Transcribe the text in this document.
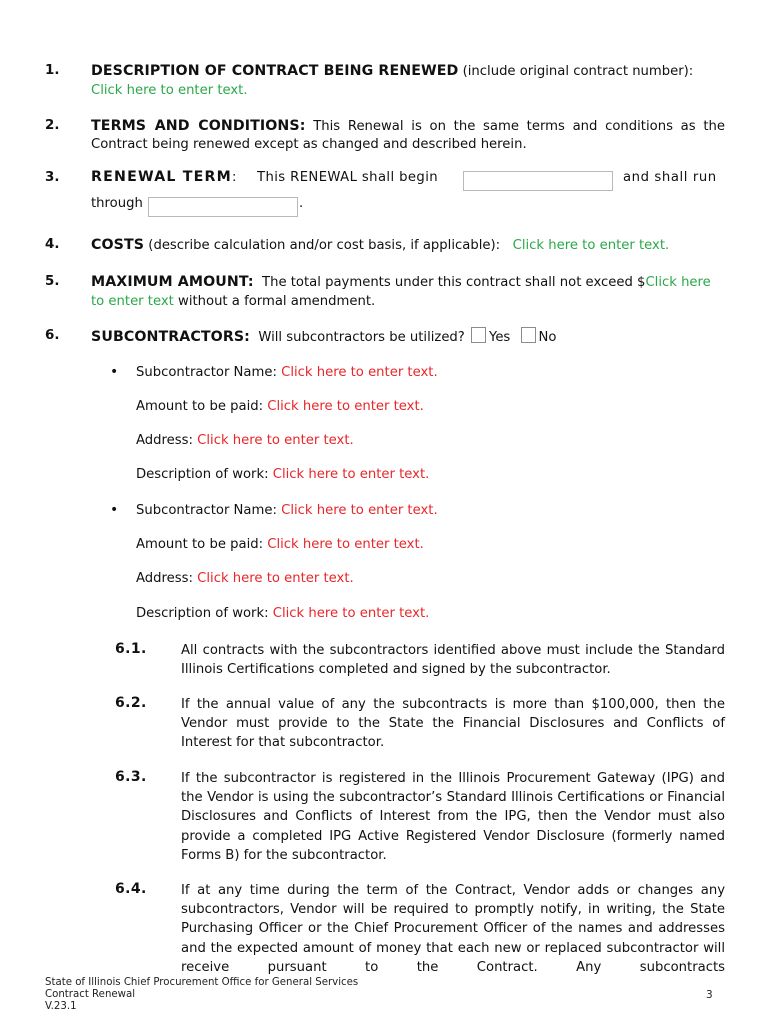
1. DESCRIPTION OF CONTRACT BEING RENEWED (include original contract number):
Click here to enter text.
2. TERMS AND CONDITIONS: This Renewal is on the same terms and conditions as the Contract being renewed except as changed and described herein.
3. RENEWAL TERM: This RENEWAL shall begin	and shall run
through	.
4. COSTS (describe calculation and/or cost basis, if applicable): Click here to enter text.
5. MAXIMUM AMOUNT: The total payments under this contract shall not exceed $Click here to enter text without a formal amendment.
6. SUBCONTRACTORS: Will subcontractors be utilized? Yes No
• Subcontractor Name: Click here to enter text.
Amount to be paid: Click here to enter text.
Address: Click here to enter text.
Description of work: Click here to enter text.
• Subcontractor Name: Click here to enter text.
Amount to be paid: Click here to enter text.
Address: Click here to enter text.
Description of work: Click here to enter text.
6.1.	All contracts with the subcontractors identified above must include the Standard Illinois Certifications completed and signed by the subcontractor.
6.2.	If the annual value of any the subcontracts is more than $100,000, then the Vendor must provide to the State the Financial Disclosures and Conflicts of Interest for that subcontractor.
6.3.	If the subcontractor is registered in the Illinois Procurement Gateway (IPG) and the Vendor is using the subcontractor’s Standard Illinois Certifications or Financial Disclosures and Conflicts of Interest from the IPG, then the Vendor must also provide a completed IPG Active Registered Vendor Disclosure (formerly named Forms B) for the subcontractor.
6.4.	If at any time during the term of the Contract, Vendor adds or changes any subcontractors, Vendor will be required to promptly notify, in writing, the State Purchasing Officer or the Chief Procurement Officer of the names and addresses and the expected amount of money that each new or replaced subcontractor will receive pursuant to the Contract. Any subcontracts
State of Illinois Chief Procurement Office for General Services
Contract Renewal
V.23.1
3
